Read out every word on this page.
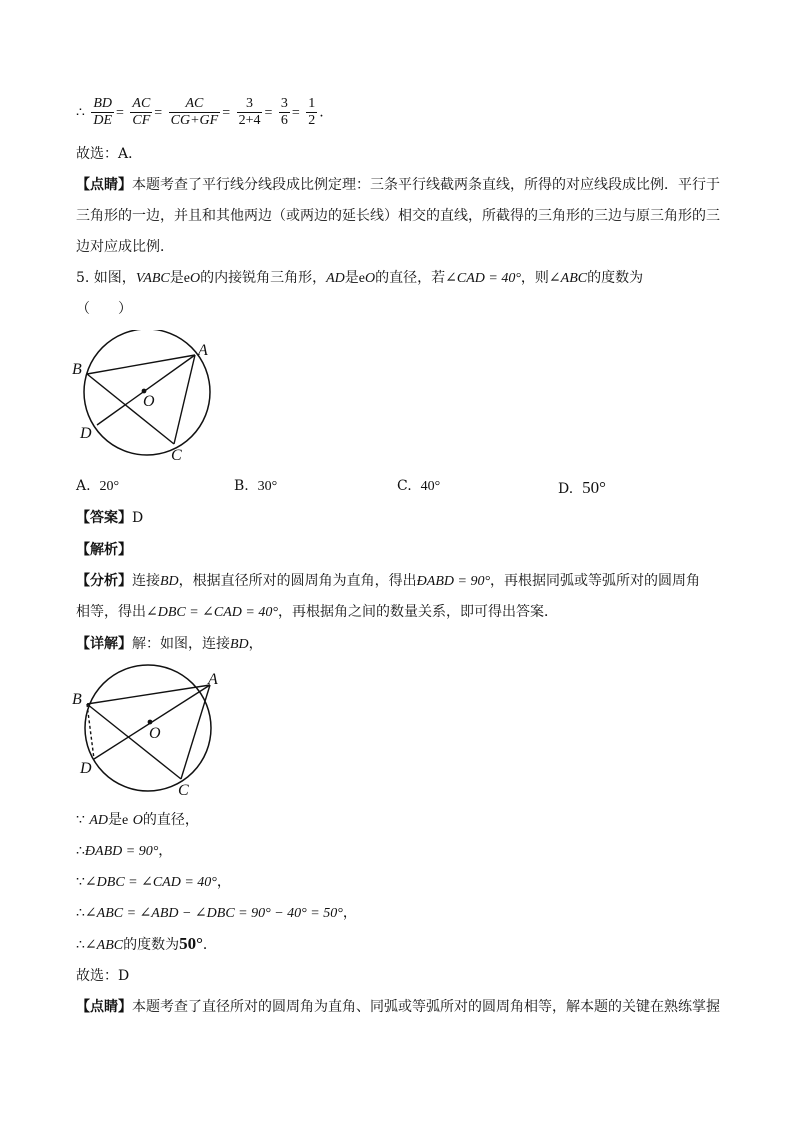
∴ $\frac{BD}{DE} = \frac{AC}{CF} = \frac{AC}{CG+GF} = \frac{3}{2+4} = \frac{3}{6} = \frac{1}{2}$ .
故选：A．
【点睛】本题考查了平行线分线段成比例定理：三条平行线截两条直线，所得的对应线段成比例．平行于
三角形的一边，并且和其他两边（或两边的延长线）相交的直线，所截得的三角形的三边与原三角形的三
边对应成比例．
5. 如图，VABC是eO的内接锐角三角形，AD是eO的直径，若∠CAD = 40°，则∠ABC的度数为
（　　）
A
B
C
D
O
A. 20°	B. 30°	C. 40°	D. 50°
【答案】D
【解析】
【分析】连接BD，根据直径所对的圆周角为直角，得出ÐABD = 90°，再根据同弧或等弧所对的圆周角
相等，得出∠DBC = ∠CAD = 40°，再根据角之间的数量关系，即可得出答案．
【详解】解：如图，连接BD，
A
B
C
D
O
∵ AD是e O的直径，
∴ÐABD = 90°，
∵∠DBC = ∠CAD = 40°，
∴∠ABC = ∠ABD − ∠DBC = 90° − 40° = 50°，
∴∠ABC的度数为50°．
故选：D
【点睛】本题考查了直径所对的圆周角为直角、同弧或等弧所对的圆周角相等，解本题的关键在熟练掌握
